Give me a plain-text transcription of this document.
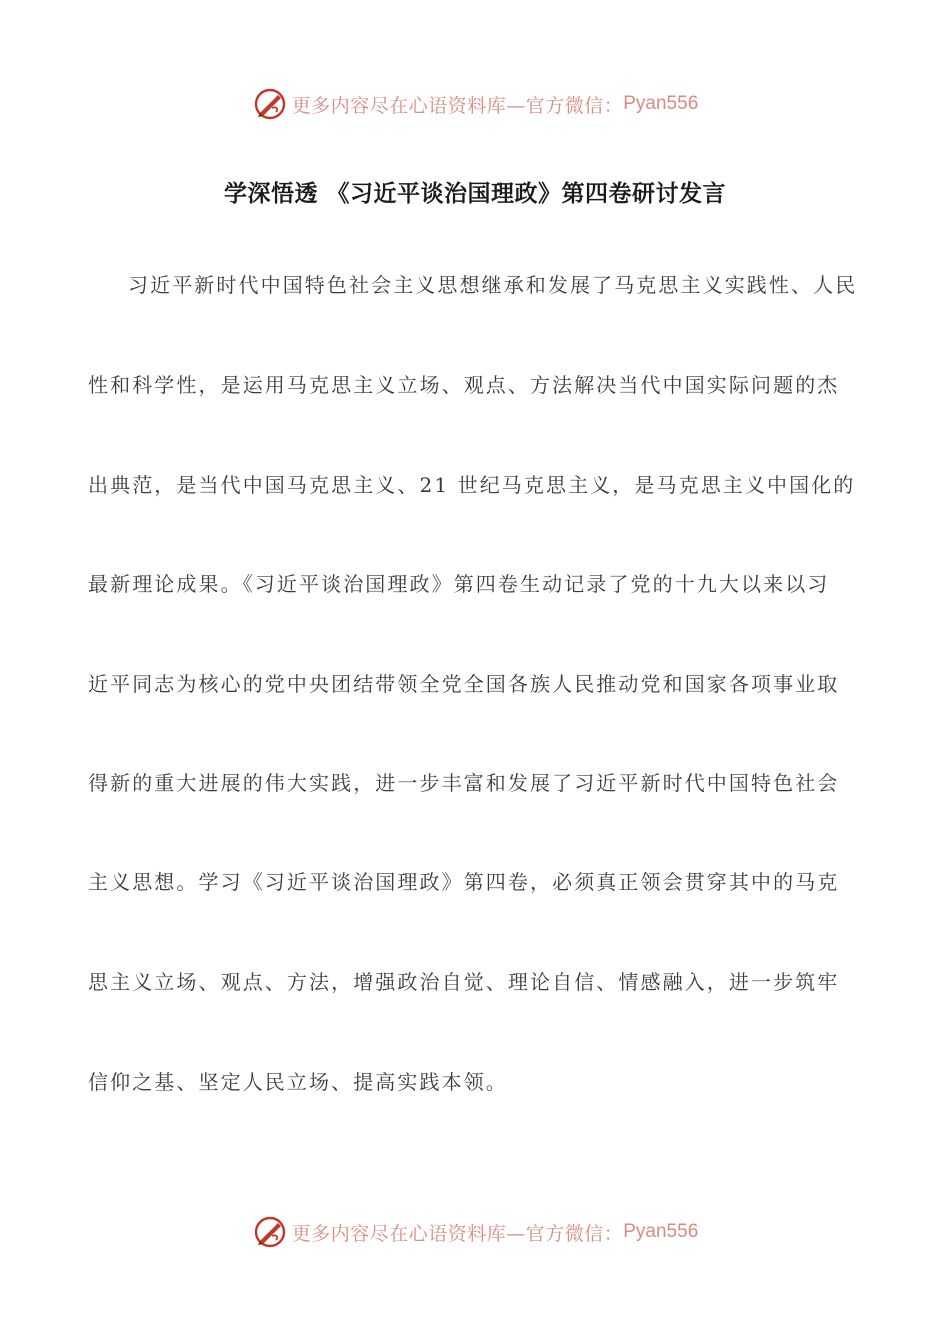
更多内容尽在心语资料库—官方微信： Pyan556
学深悟透 《习近平谈治国理政》第四卷研讨发言
习近平新时代中国特色社会主义思想继承和发展了马克思主义实践性、人民
性和科学性，是运用马克思主义立场、观点、方法解决当代中国实际问题的杰
出典范，是当代中国马克思主义、21 世纪马克思主义，是马克思主义中国化的
最新理论成果。《习近平谈治国理政》第四卷生动记录了党的十九大以来以习
近平同志为核心的党中央团结带领全党全国各族人民推动党和国家各项事业取
得新的重大进展的伟大实践，进一步丰富和发展了习近平新时代中国特色社会
主义思想。学习《习近平谈治国理政》第四卷，必须真正领会贯穿其中的马克
思主义立场、观点、方法，增强政治自觉、理论自信、情感融入，进一步筑牢
信仰之基、坚定人民立场、提高实践本领。
更多内容尽在心语资料库—官方微信： Pyan556
